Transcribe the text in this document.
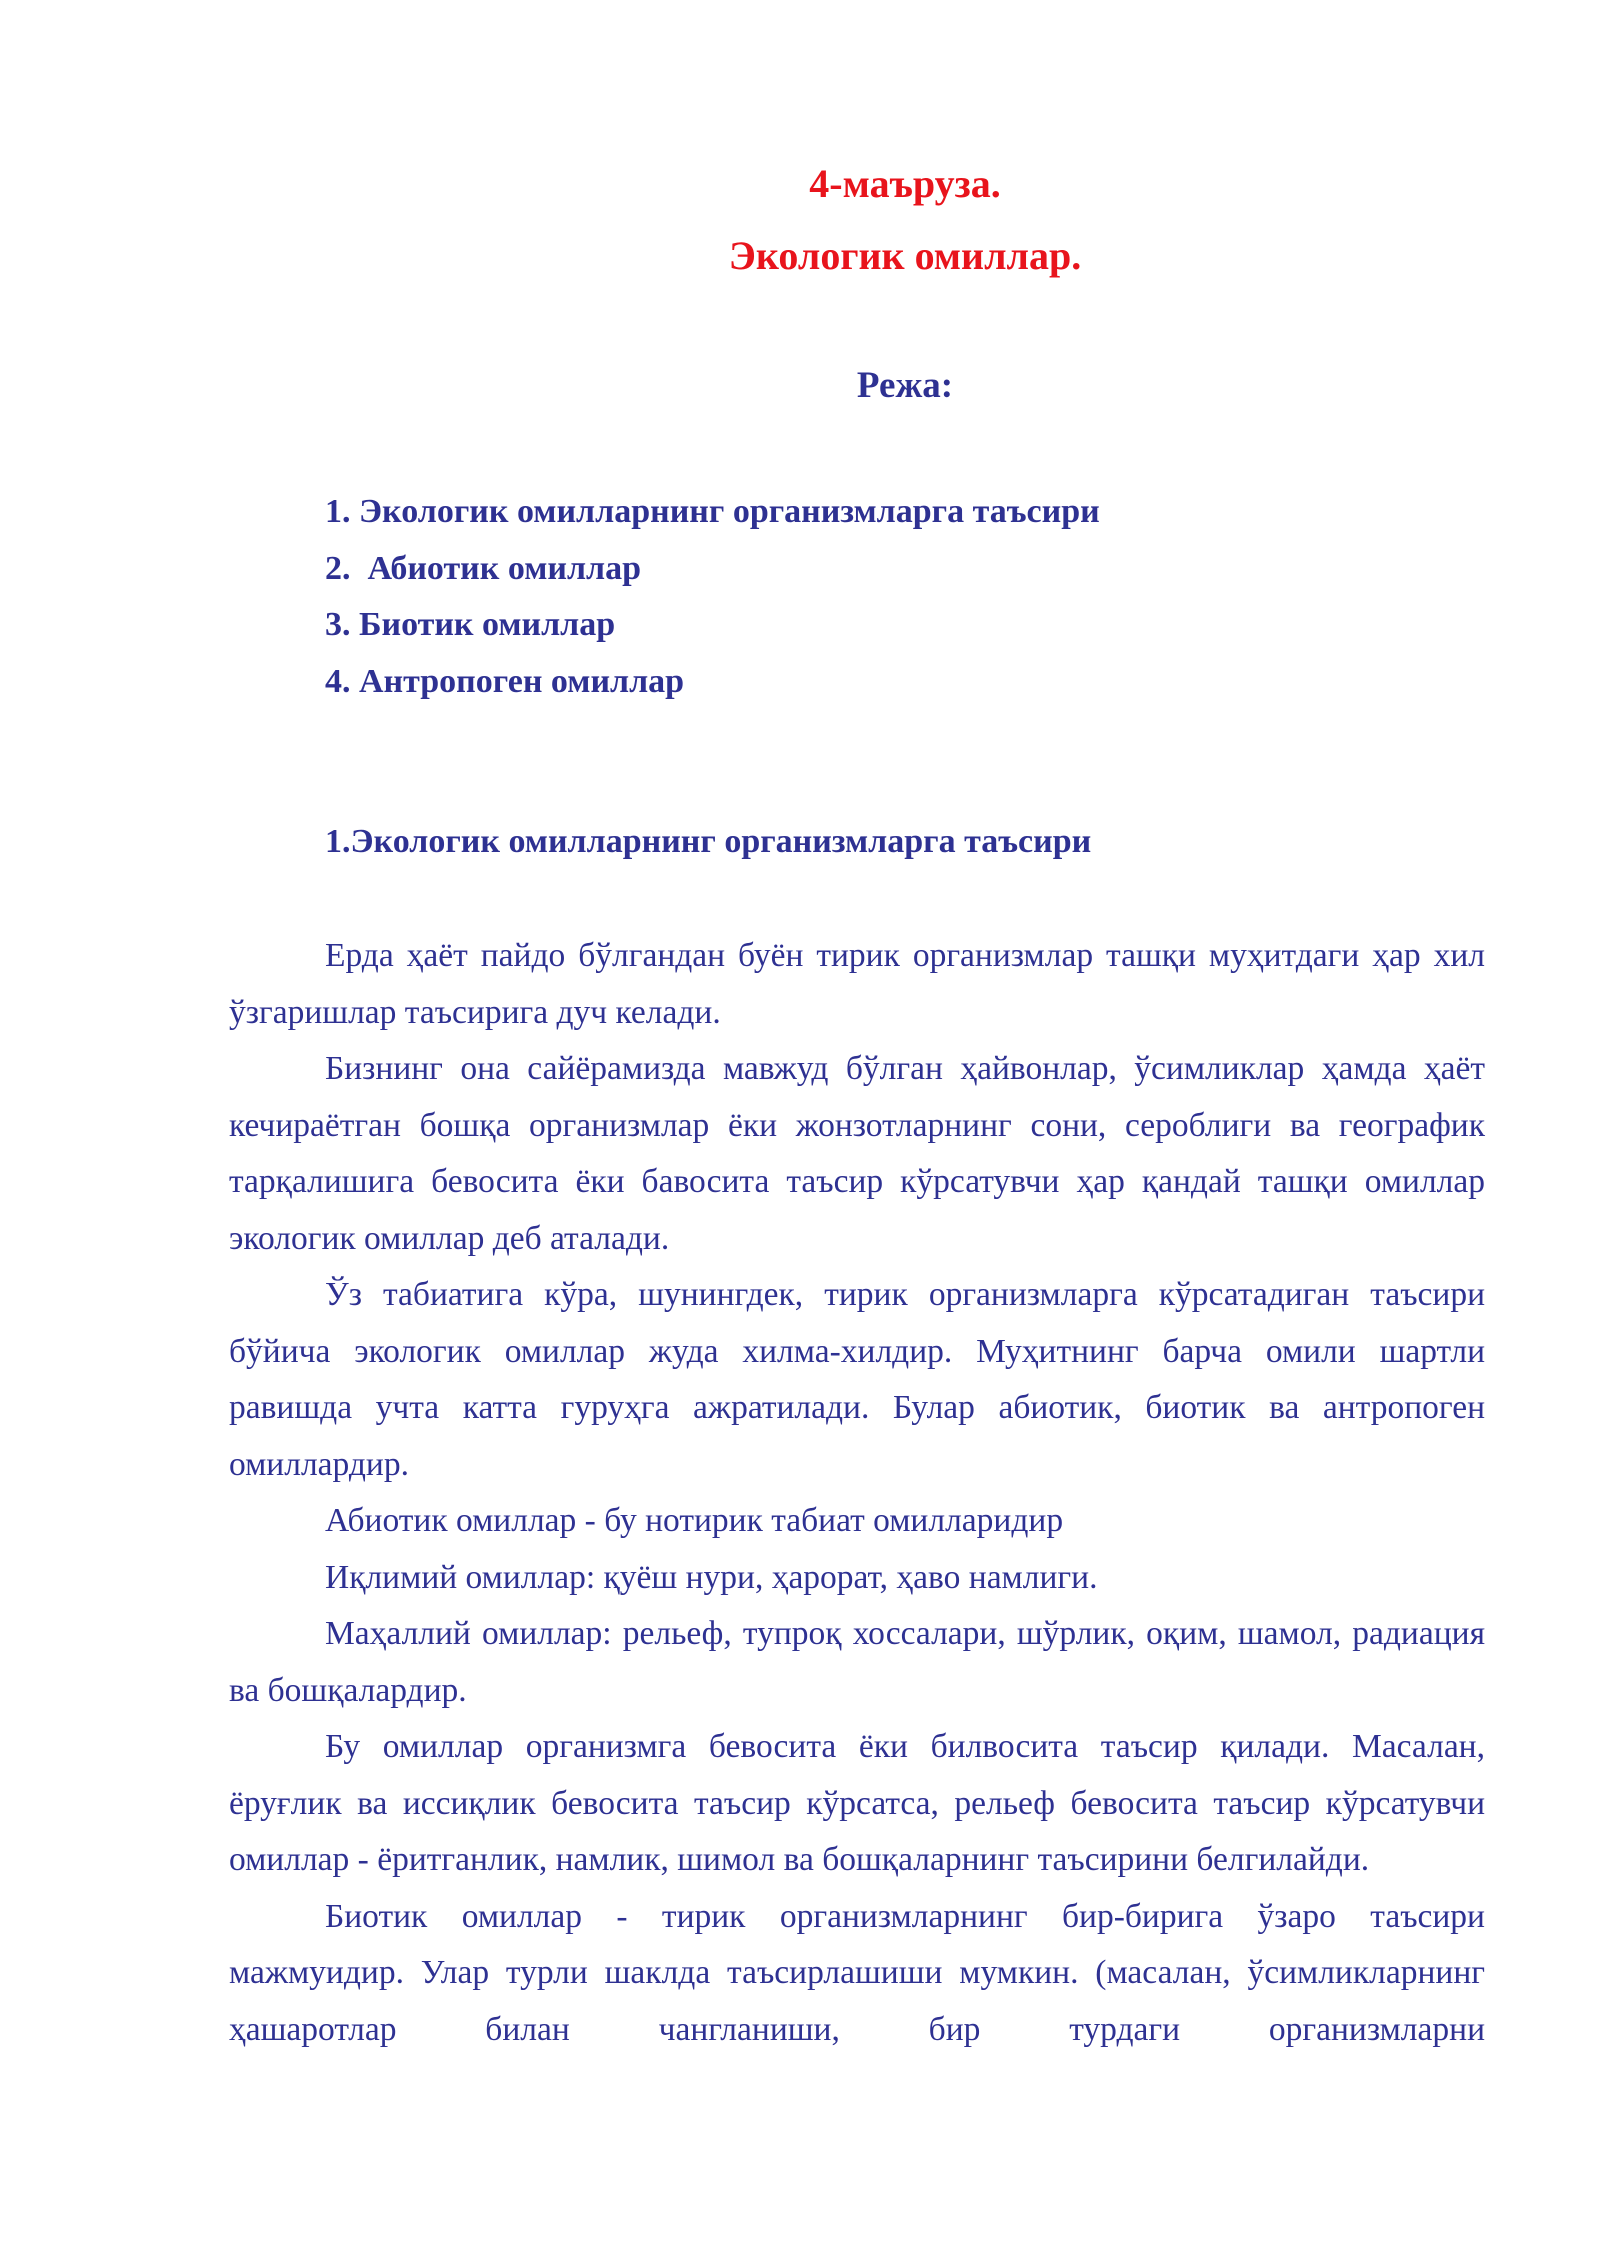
4-маъруза.
Экологик омиллар.
Режа:
1. Экологик омилларнинг организмларга таъсири
2.  Абиотик омиллар
3. Биотик омиллар
4. Антропоген омиллар
1.Экологик омилларнинг организмларга таъсири

Ерда ҳаёт пайдо бўлгандан буён тирик организмлар ташқи муҳитдаги ҳар хил ўзгаришлар таъсирига дуч келади.

Бизнинг она сайёрамизда мавжуд бўлган ҳайвонлар, ўсимликлар ҳамда ҳаёт кечираётган бошқа организмлар ёки жонзотларнинг сони, сероблиги ва географик тарқалишига бевосита ёки бавосита таъсир кўрсатувчи ҳар қандай ташқи омиллар экологик омиллар деб аталади.

Ўз табиатига кўра, шунингдек, тирик организмларга кўрсатадиган таъсири бўйича экологик омиллар жуда хилма-хилдир. Муҳитнинг барча омили шартли равишда учта катта гуруҳга ажратилади. Булар абиотик, биотик ва антропоген омиллардир.

Абиотик омиллар - бу нотирик табиат омилларидир

Иқлимий омиллар: қуёш нури, ҳарорат, ҳаво намлиги.

Маҳаллий омиллар: рельеф, тупроқ хоссалари, шўрлик, оқим, шамол, радиация ва бошқалардир.

Бу омиллар организмга бевосита ёки билвосита таъсир қилади. Масалан, ёруғлик ва иссиқлик бевосита таъсир кўрсатса, рельеф бевосита таъсир кўрсатувчи омиллар - ёритганлик, намлик, шимол ва бошқаларнинг таъсирини белгилайди.

Биотик омиллар - тирик организмларнинг бир-бирига ўзаро таъсири мажмуидир. Улар турли шаклда таъсирлашиши мумкин. (масалан, ўсимликларнинг ҳашаротлар билан чангланиши, бир турдаги организмларни
